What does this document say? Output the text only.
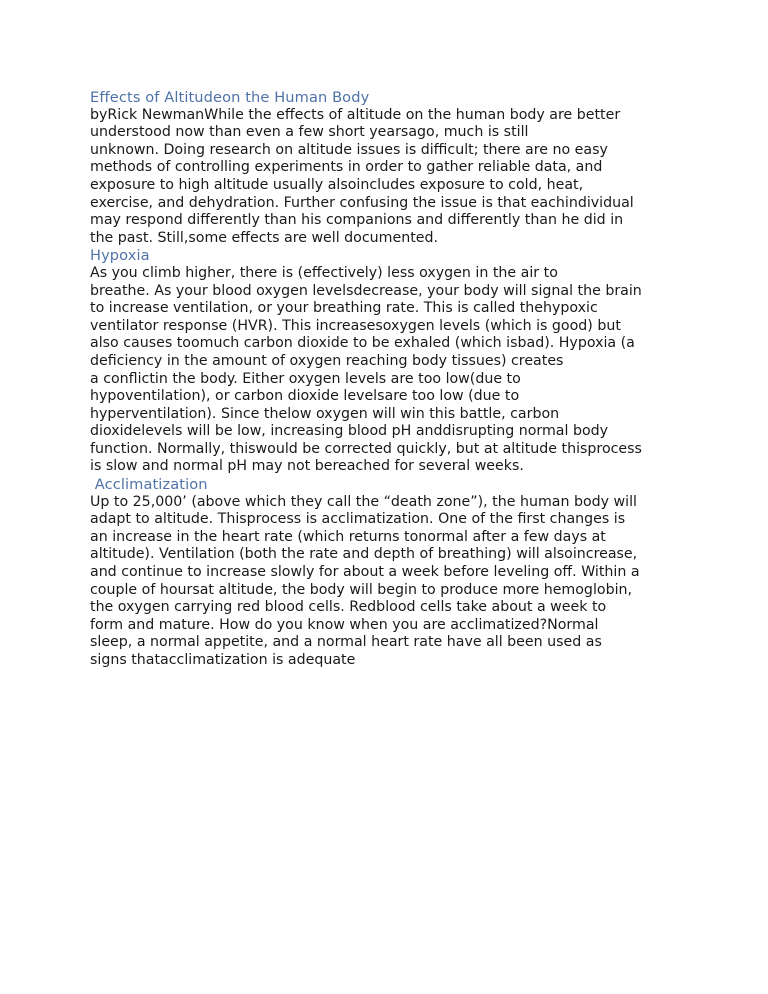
Effects of Altitudeon the Human Body
byRick NewmanWhile the effects of altitude on the human body are better
understood now than even a few short yearsago, much is still
unknown. Doing research on altitude issues is difficult; there are no easy
methods of controlling experiments in order to gather reliable data, and
exposure to high altitude usually alsoincludes exposure to cold, heat,
exercise, and dehydration. Further confusing the issue is that eachindividual
may respond differently than his companions and differently than he did in
the past. Still,some effects are well documented.
Hypoxia
As you climb higher, there is (effectively) less oxygen in the air to
breathe. As your blood oxygen levelsdecrease, your body will signal the brain
to increase ventilation, or your breathing rate. This is called thehypoxic
ventilator response (HVR). This increasesoxygen levels (which is good) but
also causes toomuch carbon dioxide to be exhaled (which isbad). Hypoxia (a
deficiency in the amount of oxygen reaching body tissues) creates
a conflictin the body. Either oxygen levels are too low(due to
hypoventilation), or carbon dioxide levelsare too low (due to
hyperventilation). Since thelow oxygen will win this battle, carbon
dioxidelevels will be low, increasing blood pH anddisrupting normal body
function. Normally, thiswould be corrected quickly, but at altitude thisprocess
is slow and normal pH may not bereached for several weeks.
Acclimatization
Up to 25,000’ (above which they call the “death zone”), the human body will
adapt to altitude. Thisprocess is acclimatization. One of the first changes is
an increase in the heart rate (which returns tonormal after a few days at
altitude). Ventilation (both the rate and depth of breathing) will alsoincrease,
and continue to increase slowly for about a week before leveling off. Within a
couple of hoursat altitude, the body will begin to produce more hemoglobin,
the oxygen carrying red blood cells. Redblood cells take about a week to
form and mature. How do you know when you are acclimatized?Normal
sleep, a normal appetite, and a normal heart rate have all been used as
signs thatacclimatization is adequate
